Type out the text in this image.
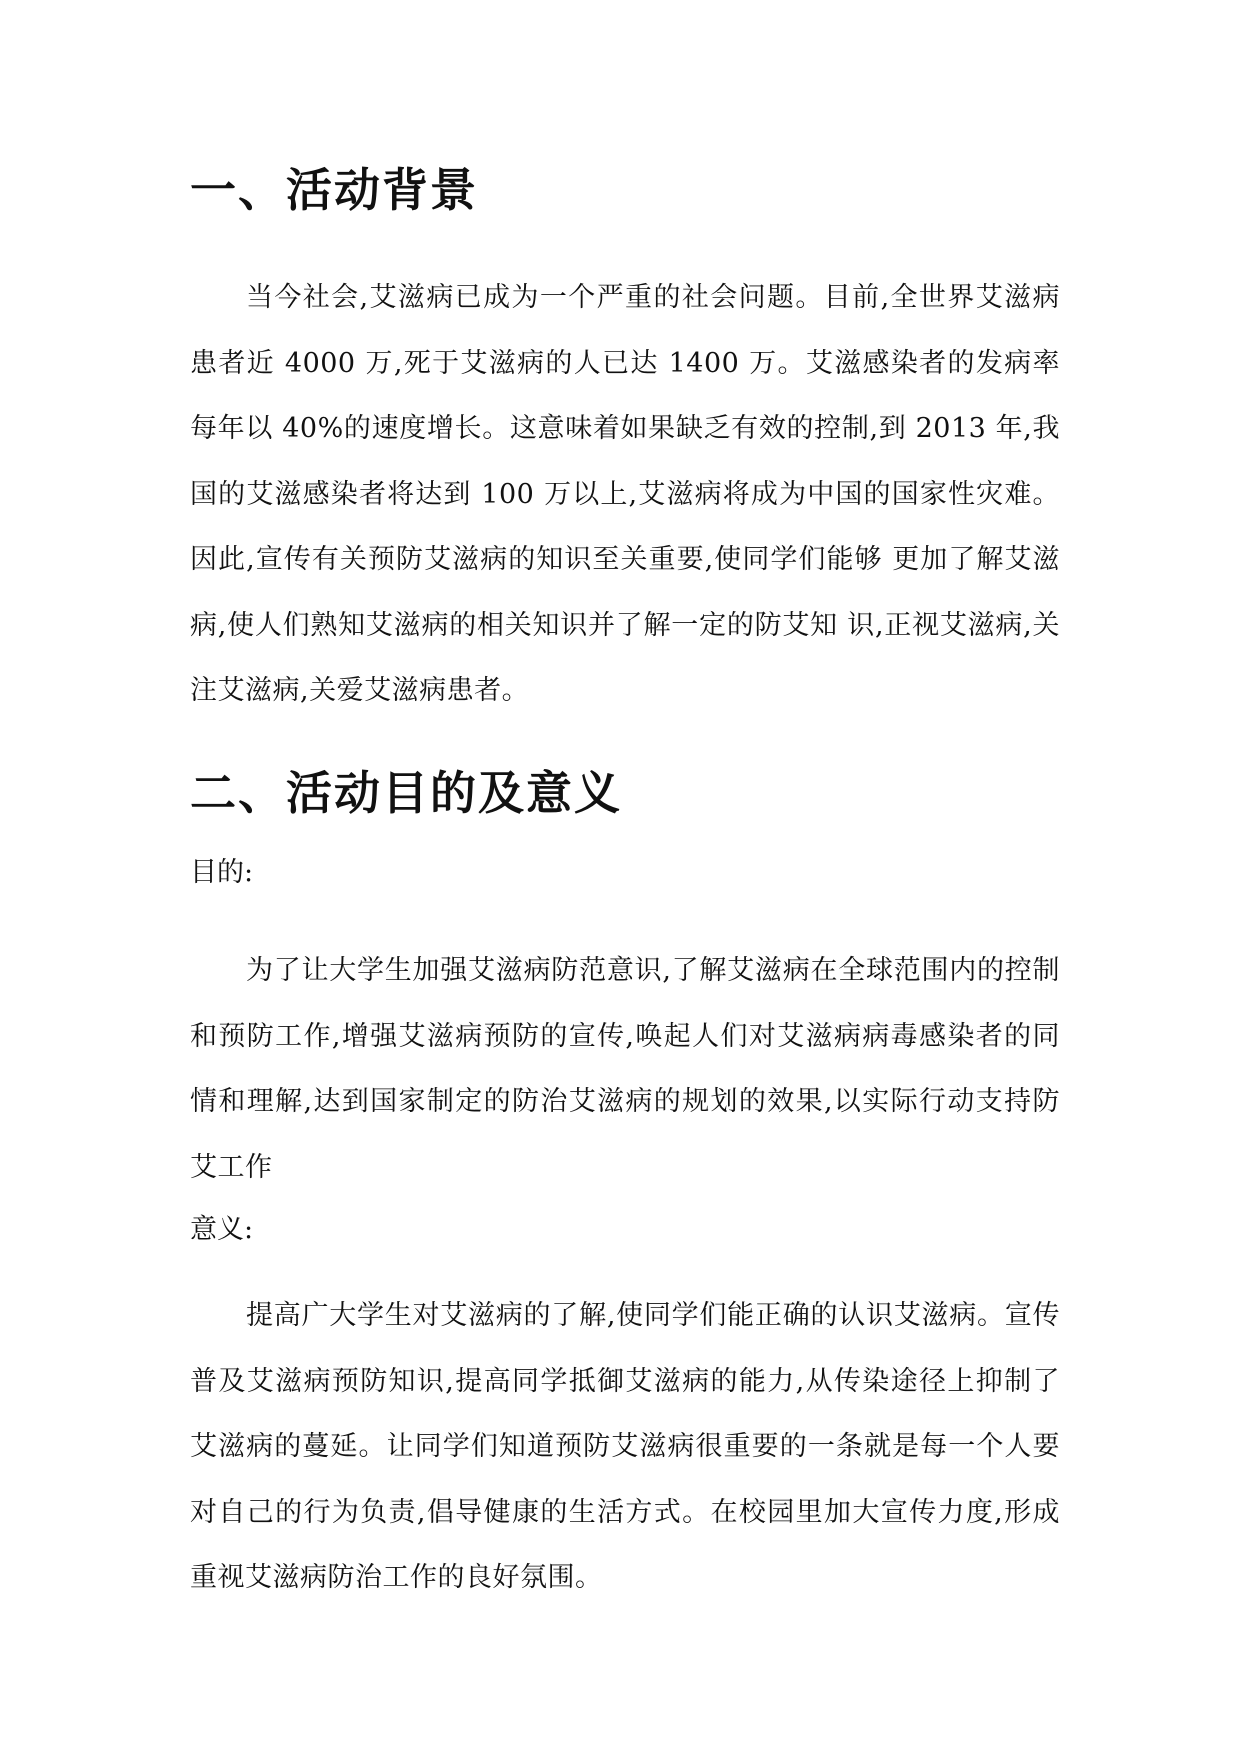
一、活动背景

当今社会,艾滋病已成为一个严重的社会问题。目前,全世界艾滋病患者近 4000 万,死于艾滋病的人已达 1400 万。艾滋感染者的发病率每年以 40%的速度增长。这意味着如果缺乏有效的控制,到 2013 年,我国的艾滋感染者将达到 100 万以上,艾滋病将成为中国的国家性灾难。因此,宣传有关预防艾滋病的知识至关重要,使同学们能够 更加了解艾滋病,使人们熟知艾滋病的相关知识并了解一定的防艾知 识,正视艾滋病,关注艾滋病,关爱艾滋病患者。

二、活动目的及意义

目的:

为了让大学生加强艾滋病防范意识,了解艾滋病在全球范围内的控制和预防工作,增强艾滋病预防的宣传,唤起人们对艾滋病病毒感染者的同情和理解,达到国家制定的防治艾滋病的规划的效果,以实际行动支持防艾工作

意义:

提高广大学生对艾滋病的了解,使同学们能正确的认识艾滋病。宣传普及艾滋病预防知识,提高同学抵御艾滋病的能力,从传染途径上抑制了艾滋病的蔓延。让同学们知道预防艾滋病很重要的一条就是每一个人要对自己的行为负责,倡导健康的生活方式。在校园里加大宣传力度,形成重视艾滋病防治工作的良好氛围。
